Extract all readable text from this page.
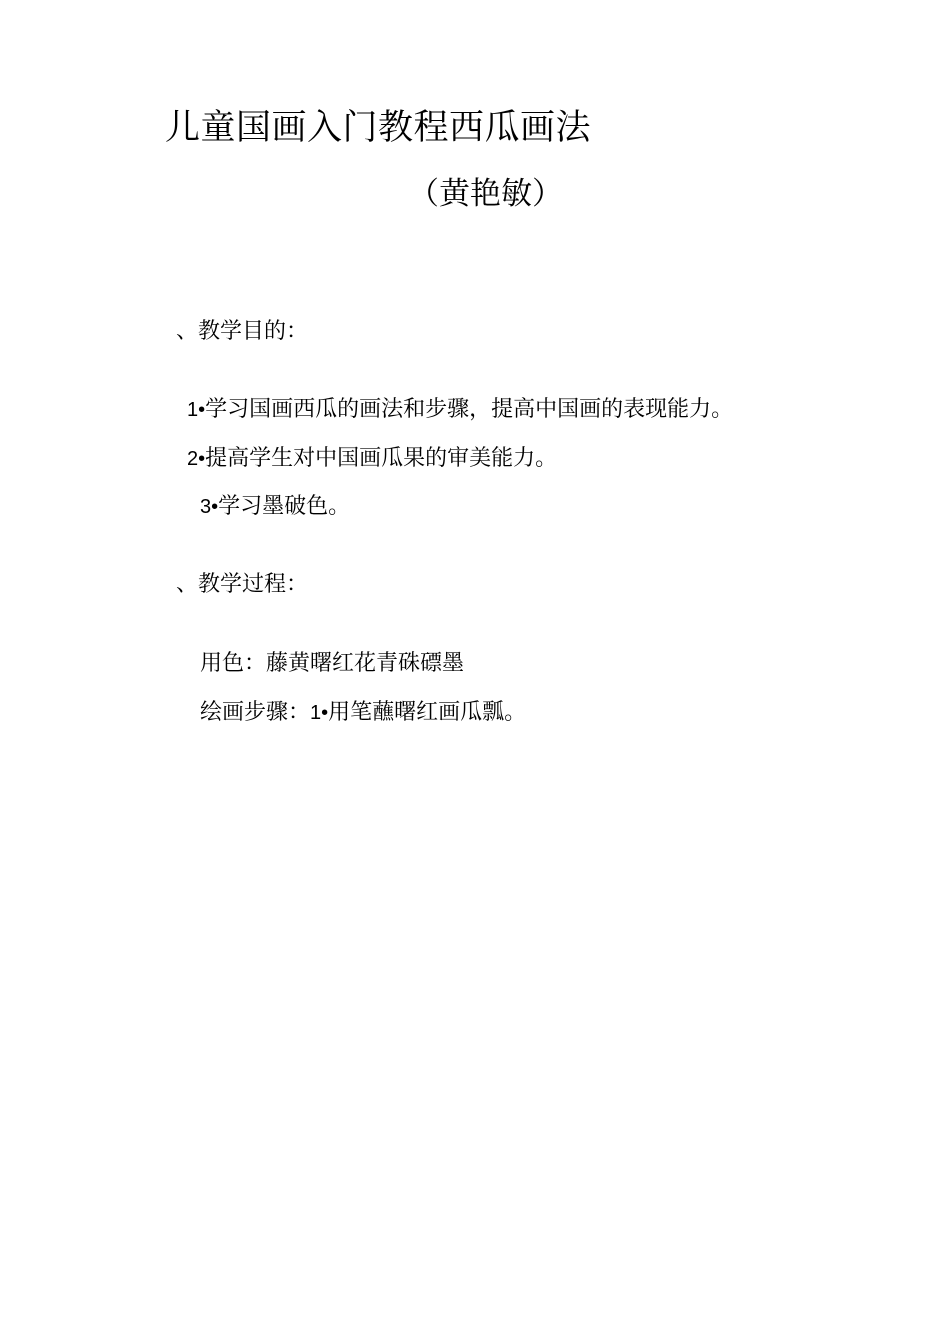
儿童国画入门教程西瓜画法
（黄艳敏）
、教学目的：
1•学习国画西瓜的画法和步骤，提高中国画的表现能力。
2•提高学生对中国画瓜果的审美能力。
3•学习墨破色。
、教学过程：
用色：藤黄曙红花青硃磦墨
绘画步骤：1•用笔蘸曙红画瓜瓢。
